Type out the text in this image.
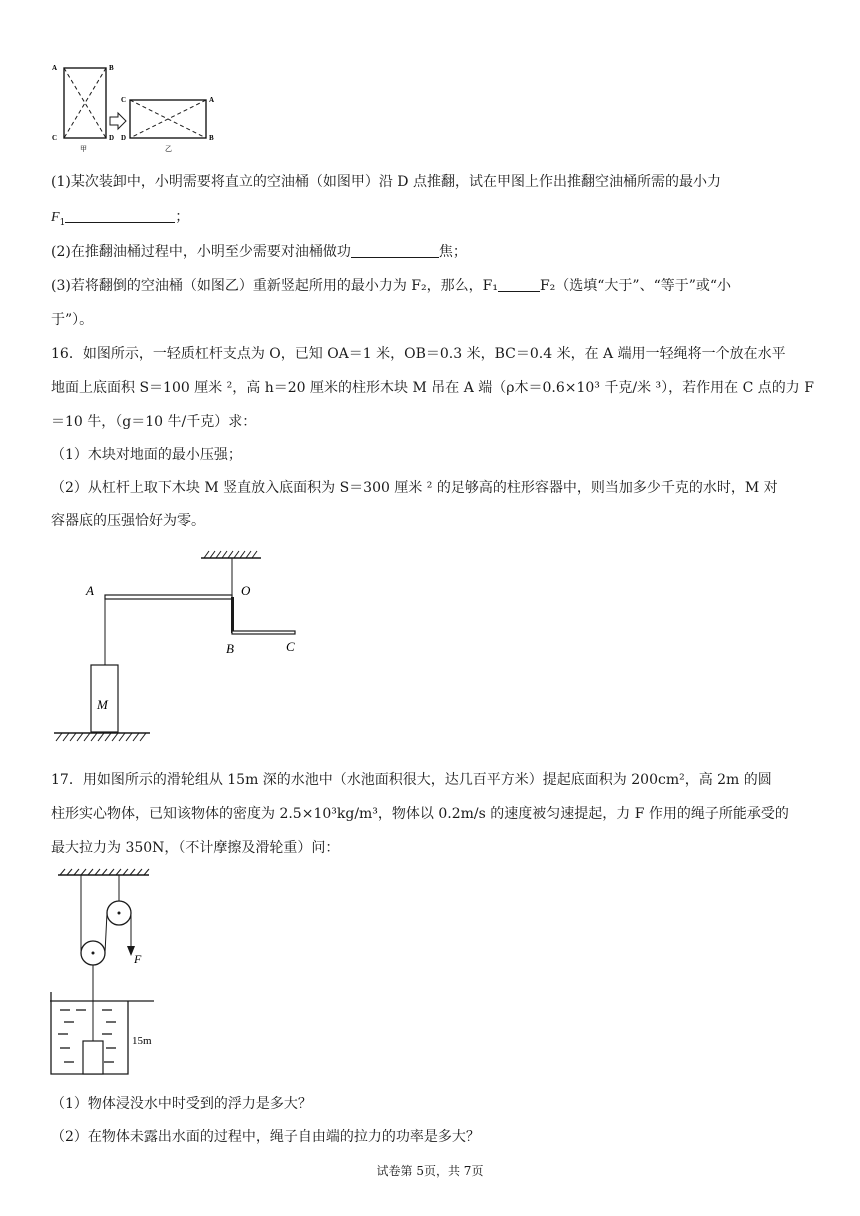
A	B
C	D
甲
C	A
D	B
乙
(1)某次装卸中，小明需要将直立的空油桶（如图甲）沿 D 点推翻，试在甲图上作出推翻空油桶所需的最小力
$F_1$	；
(2)在推翻油桶过程中，小明至少需要对油桶做功	焦；
(3)若将翻倒的空油桶（如图乙）重新竖起所用的最小力为 F₂，那么，F₁	F₂（选填“大于”、“等于”或“小
于”）。
16．如图所示，一轻质杠杆支点为 O，已知 OA＝1 米，OB＝0.3 米，BC＝0.4 米，在 A 端用一轻绳将一个放在水平
地面上底面积 S＝100 厘米 ²，高 h＝20 厘米的柱形木块 M 吊在 A 端（ρ木＝0.6×10³ 千克/米 ³），若作用在 C 点的力 F
＝10 牛，（g＝10 牛/千克）求：
（1）木块对地面的最小压强；
（2）从杠杆上取下木块 M 竖直放入底面积为 S＝300 厘米 ² 的足够高的柱形容器中，则当加多少千克的水时，M 对
容器底的压强恰好为零。
A	O
B	C
M
17．用如图所示的滑轮组从 15m 深的水池中（水池面积很大，达几百平方米）提起底面积为 200cm²，高 2m 的圆
柱形实心物体，已知该物体的密度为 2.5×10³kg/m³，物体以 0.2m/s 的速度被匀速提起，力 F 作用的绳子所能承受的
最大拉力为 350N，（不计摩擦及滑轮重）问：
F
15m
（1）物体浸没水中时受到的浮力是多大？
（2）在物体未露出水面的过程中，绳子自由端的拉力的功率是多大？
试卷第 5页，共 7页
